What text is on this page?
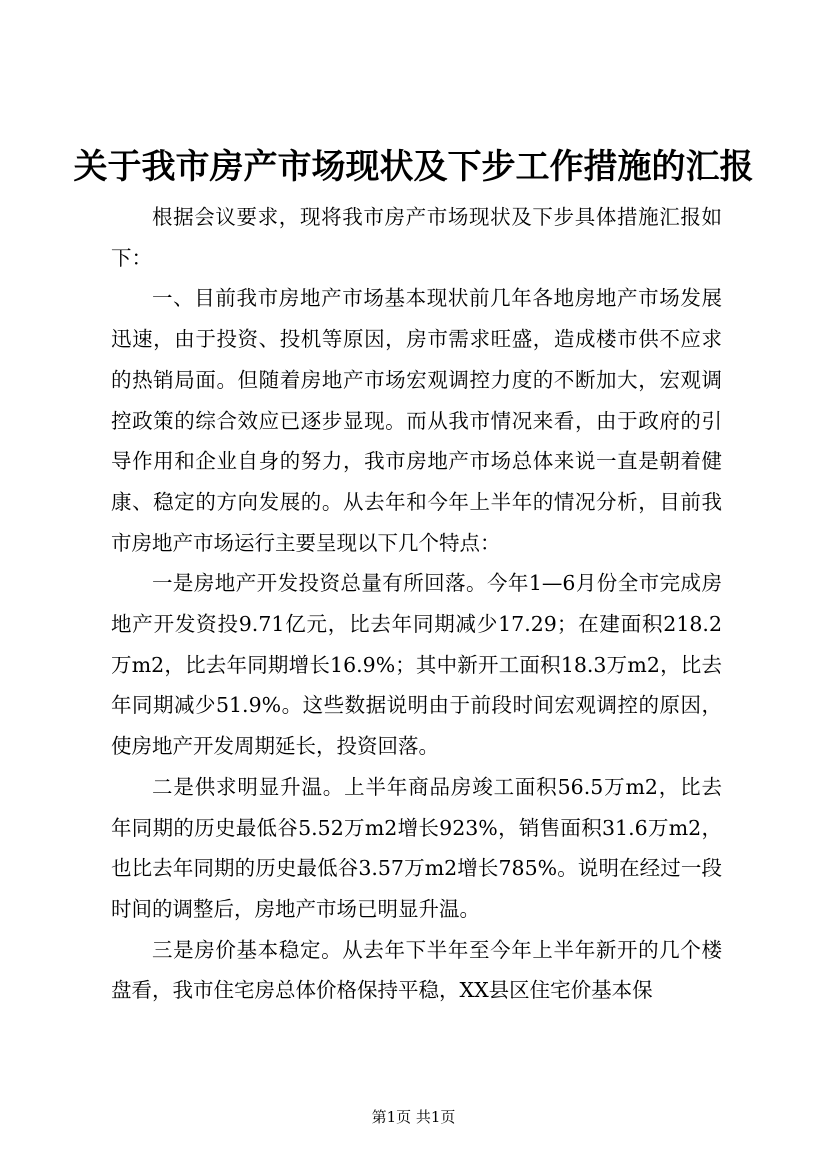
关于我市房产市场现状及下步工作措施的汇报

根据会议要求，现将我市房产市场现状及下步具体措施汇报如下：

一、目前我市房地产市场基本现状前几年各地房地产市场发展迅速，由于投资、投机等原因，房市需求旺盛，造成楼市供不应求的热销局面。但随着房地产市场宏观调控力度的不断加大，宏观调控政策的综合效应已逐步显现。而从我市情况来看，由于政府的引导作用和企业自身的努力，我市房地产市场总体来说一直是朝着健康、稳定的方向发展的。从去年和今年上半年的情况分析，目前我市房地产市场运行主要呈现以下几个特点：

一是房地产开发投资总量有所回落。今年1—6月份全市完成房地产开发资投9.71亿元，比去年同期减少17.29；在建面积218.2万m2，比去年同期增长16.9%；其中新开工面积18.3万m2，比去年同期减少51.9%。这些数据说明由于前段时间宏观调控的原因，使房地产开发周期延长，投资回落。

二是供求明显升温。上半年商品房竣工面积56.5万m2，比去年同期的历史最低谷5.52万m2增长923%，销售面积31.6万m2，也比去年同期的历史最低谷3.57万m2增长785%。说明在经过一段时间的调整后，房地产市场已明显升温。

三是房价基本稳定。从去年下半年至今年上半年新开的几个楼盘看，我市住宅房总体价格保持平稳，XX县区住宅价基本保

第1页 共1页
